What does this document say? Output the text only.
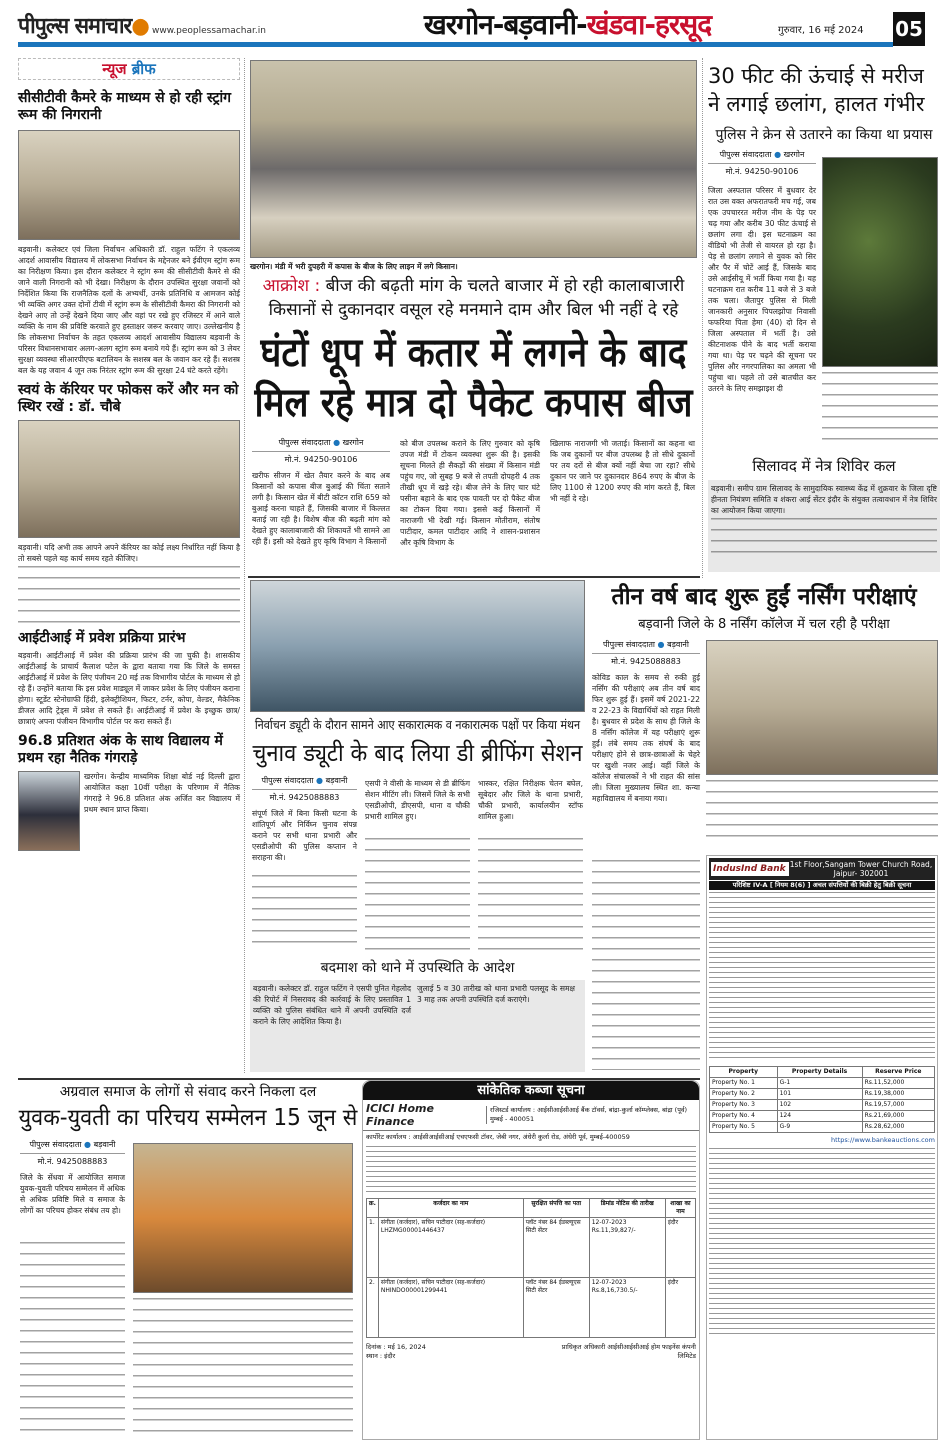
पीपुल्स समाचार● www.peoplessamachar.in	खरगोन-बड़वानी-खंडवा-हरसूद	गुरुवार, 16 मई 2024 05
न्यूज ब्रीफ
सीसीटीवी कैमरे के माध्यम से हो रही स्ट्रांग रूम की निगरानी
बड़वानी। कलेक्टर एवं जिला निर्वाचन अधिकारी डॉ. राहुल फटिंग ने एकलव्य आदर्श आवासीय विद्यालय में लोकसभा निर्वाचन के मद्देनजर बने ईवीएम स्ट्रांग रूम का निरीक्षण किया। इस दौरान कलेक्टर ने स्ट्रांग रूम की सीसीटीवी कैमरे से की जाने वाली निगरानी को भी देखा। निरीक्षण के दौरान उपस्थित सुरक्षा जवानों को निर्देशित किया कि राजनैतिक दलों के अभ्यर्थी, उनके प्रतिनिधि व आमजन कोई भी व्यक्ति अगर उक्त दोनों टीवी में स्ट्रांग रूम के सीसीटीवी कैमरा की निगरानी को देखने आए तो उन्हें देखने दिया जाए और वहां पर रखे हुए रजिस्टर में आने वाले व्यक्ति के नाम की प्रविष्टि करवाते हुए हस्ताक्षर जरूर करवाए जाए। उल्लेखनीय है कि लोकसभा निर्वाचन के तहत एकलव्य आदर्श आवासीय विद्यालय बड़वानी के परिसर विधानसभावार अलग-अलग स्ट्रांग रूम बनाये गये हैं। स्ट्रांग रूम को 3 लेयर सुरक्षा व्यवस्था सीआरपीएफ बटालियन के सशस्त्र बल के जवान कर रहे हैं। सशस्त्र बल के यह जवान 4 जून तक निरंतर स्ट्रांग रूम की सुरक्षा 24 घंटे करते रहेंगे।
स्वयं के कॅरियर पर फोकस करें और मन को स्थिर रखें : डॉ. चौबे
बड़वानी। यदि अभी तक आपने अपने कॅरियर का कोई लक्ष्य निर्धारित नहीं किया है तो सबसे पहले यह कार्य समय रहते कीजिए।
आईटीआई में प्रवेश प्रक्रिया प्रारंभ
बड़वानी। आईटीआई में प्रवेश की प्रक्रिया प्रारंभ की जा चुकी है। शासकीय आईटीआई के प्राचार्य कैलाश पटेल के द्वारा बताया गया कि जिले के समस्त आईटीआई में प्रवेश के लिए पंजीयन 20 मई तक विभागीय पोर्टल के माध्यम से हो रहे हैं। उन्होंने बताया कि इस प्रवेश माड्यूल में जाकर प्रवेश के लिए पंजीयन कराना होगा। स्टूडेंट स्टेनोग्राफी हिंदी, इलेक्ट्रीशियन, फिटर, टर्नर, कोपा, वेल्डर, मैकेनिक डीजल आदि ट्रेड्स में प्रवेश ले सकते हैं। आईटीआई में प्रवेश के इच्छुक छात्र/छात्राएं अपना पंजीयन विभागीय पोर्टल पर करा सकते हैं।
96.8 प्रतिशत अंक के साथ विद्यालय में प्रथम रहा नैतिक गंगराड़े
खरगोन। केन्द्रीय माध्यमिक शिक्षा बोर्ड नई दिल्ली द्वारा आयोजित कक्षा 10वीं परीक्षा के परिणाम में नैतिक गंगराड़े ने 96.8 प्रतिशत अंक अर्जित कर विद्यालय में प्रथम स्थान प्राप्त किया।
खरगोन। मंडी में भरी दुपहरी में कपास के बीज के लिए लाइन में लगे किसान।
आक्रोश : बीज की बढ़ती मांग के चलते बाजार में हो रही कालाबाजारी
किसानों से दुकानदार वसूल रहे मनमाने दाम और बिल भी नहीं दे रहे
घंटों धूप में कतार में लगने के बाद मिल रहे मात्र दो पैकेट कपास बीज
पीपुल्स संवाददाता ● खरगोन
मो.नं. 94250-90106
खरीफ सीजन में खेत तैयार करने के बाद अब किसानों को कपास बीज बुआई की चिंता सताने लगी है। किसान खेत में बीटी कॉटन राशि 659 को बुआई करना चाहते हैं, जिसकी बाजार में किल्लत बताई जा रही है। विशेष बीज की बढ़ती मांग को देखते हुए कालाबाजारी की शिकायतें भी सामने आ रही हैं। इसी को देखते हुए कृषि विभाग ने किसानों
को बीज उपलब्ध कराने के लिए गुरुवार को कृषि उपज मंडी में टोकन व्यवस्था शुरू की है। इसकी सूचना मिलते ही सैकड़ों की संख्या में किसान मंडी पहुंच गए, जो सुबह 9 बजे से तपती दोपहरी 4 तक तीखी धूप में खड़े रहे। बीज लेने के लिए चार घंटे पसीना बहाने के बाद एक पावती पर दो पैकेट बीज का टोकन दिया गया। इससे कई किसानों में नाराजगी भी देखी गई। किसान मोतीराम, संतोष पाटीदार, कमल पाटीदार आदि ने शासन-प्रशासन और कृषि विभाग के
खिलाफ नाराजगी भी जताई। किसानों का कहना था कि जब दुकानों पर बीज उपलब्ध है तो सीधे दुकानों पर तय दरों से बीज क्यों नहीं बेचा जा रहा? सीधे दुकान पर जाने पर दुकानदार 864 रुपए के बीज के लिए 1100 से 1200 रुपए की मांग करते हैं, बिल भी नहीं दे रहे।
30 फीट की ऊंचाई से मरीज ने लगाई छलांग, हालत गंभीर
पुलिस ने क्रेन से उतारने का किया था प्रयास
पीपुल्स संवाददाता ● खरगोन
मो.नं. 94250-90106
जिला अस्पताल परिसर में बुधवार देर रात उस वक्त अफरातफरी मच गई, जब एक उपचाररत मरीज नीम के पेड़ पर चढ़ गया और करीब 30 फीट ऊंचाई से छलांग लगा दी। इस घटनाक्रम का वीडियो भी तेजी से वायरल हो रहा है। पेड़ से छलांग लगाने से युवक को सिर और पैर में चोटें आई हैं, जिसके बाद उसे आईसीयू में भर्ती किया गया है। यह घटनाक्रम रात करीब 11 बजे से 3 बजे तक चला। जैतापुर पुलिस से मिली जानकारी अनुसार पिपलझोपा निवासी फफरिया पिता हेमा (40) दो दिन से जिला अस्पताल में भर्ती है। उसे कीटनाशक पीने के बाद भर्ती कराया गया था। पेड़ पर चढ़ने की सूचना पर पुलिस और नगरपालिका का अमला भी पहुंचा था। पहले तो उसे बातचीत कर उतरने के लिए समझाइश दी
सिलावद में नेत्र शिविर कल
बड़वानी। समीप ग्राम सिलावद के सामुदायिक स्वास्थ्य केंद्र में शुक्रवार के जिला दृष्टि हीनता नियंत्रण समिति व शंकरा आई सेंटर इंदौर के संयुक्त तत्वावधान में नेत्र शिविर का आयोजन किया जाएगा।
निर्वाचन ड्यूटी के दौरान सामने आए सकारात्मक व नकारात्मक पक्षों पर किया मंथन
चुनाव ड्यूटी के बाद लिया डी ब्रीफिंग सेशन
पीपुल्स संवाददाता ● बड़वानी
मो.नं. 9425088883
संपूर्ण जिले में बिना किसी घटना के शांतिपूर्ण और निर्विघ्न चुनाव संपन्न कराने पर सभी थाना प्रभारी और एसडीओपी की पुलिस कप्तान ने सराहना की।
एसपी ने वीसी के माध्यम से डी ब्रीफिंग सेशन मीटिंग ली। जिसमें जिले के सभी एसडीओपी, डीएसपी, थाना व चौकी प्रभारी शामिल हुए।
भास्कर, रक्षित निरीक्षक चेतन बघेल, सूबेदार और जिले के थाना प्रभारी, चौकी प्रभारी, कार्यालयीन स्टॉफ शामिल हुआ।
तीन वर्ष बाद शुरू हुईं नर्सिंग परीक्षाएं
बड़वानी जिले के 8 नर्सिंग कॉलेज में चल रही है परीक्षा
पीपुल्स संवाददाता ● बड़वानी
मो.नं. 9425088883
कोविड काल के समय से रुकी हुई नर्सिंग की परीक्षाएं अब तीन वर्ष बाद फिर शुरू हुई हैं। इसमें वर्ष 2021-22 व 22-23 के विद्यार्थियों को राहत मिली है। बुधवार से प्रदेश के साथ ही जिले के 8 नर्सिंग कॉलेज में यह परीक्षाएं शुरू हुईं। लंबे समय तक संघर्ष के बाद परीक्षाएं होने से छात्र-छात्राओं के चेहरे पर खुशी नजर आई। वहीं जिले के कॉलेज संचालकों ने भी राहत की सांस ली। जिला मुख्यालय स्थित शा. कन्या महाविद्यालय में बनाया गया।
बदमाश को थाने में उपस्थिति के आदेश
बड़वानी। कलेक्टर डॉ. राहुल फटिंग ने एसपी पुनित गेहलोद की रिपोर्ट में निसरावद की कार्रवाई के लिए प्रस्तावित 1 व्यक्ति को पुलिस संबंधित थाने में अपनी उपस्थिति दर्ज कराने के लिए आदेशित किया है।
जुलाई 5 व 30 तारीख को थाना प्रभारी पलसूद के समक्ष 3 माह तक अपनी उपस्थिति दर्ज कराएंगे।
IndusInd Bank 1st Floor,Sangam Tower Church Road, Jaipur- 302001
परिशिष्ट IV-A [ नियम 8(6) ] अचल संपत्तियों की बिक्री हेतु बिक्री सूचना
Property	Property Details	Reserve Price
Property No. 1	G-1	Rs.11,52,000
Property No. 2	101	Rs.19,38,000
Property No. 3	102	Rs.19,57,000
Property No. 4	124	Rs.21,69,000
Property No. 5	G-9	Rs.28,62,000
https://www.bankeauctions.com
अग्रवाल समाज के लोगों से संवाद करने निकला दल
युवक-युवती का परिचय सम्मेलन 15 जून से
पीपुल्स संवाददाता ● बड़वानी
मो.नं. 9425088883
जिले के सेंधवा में आयोजित समाज युवक-युवती परिचय सम्मेलन में अधिक से अधिक प्रविष्टि मिले व समाज के लोगों का परिचय होकर संबंध तय हो।
सांकेतिक कब्जा सूचना
ICICI Home Finance
रजिस्टर्ड कार्यालय : आईसीआईसीआई बैंक टॉवर्स, बांद्रा-कुर्ला कॉम्प्लेक्स, बांद्रा (पूर्व) मुम्बई - 400051
कार्पोरेट कार्यालय : आईसीआईसीआई एचएफसी टॉवर, जेबी नगर, अंधेरी कुर्ला रोड, अंधेरी पूर्व, मुम्बई-400059
क्र.	कर्जदार का नाम	सुरक्षित संपत्ति का पता	डिमांड नोटिस की तारीख	शाखा का नाम
1.	संगीता (कर्जदार), सचिन पाटीदार (सह-कर्जदार) LHZMG00001446437	प्लॉट नंबर 84 ईडब्ल्यूएस सिटी सेंटर	12-07-2023 Rs.11,39,827/-	इंदौर
2.	संगीता (कर्जदार), सचिन पाटीदार (सह-कर्जदार) NHINDO00001299441	प्लॉट नंबर 84 ईडब्ल्यूएस सिटी सेंटर	12-07-2023 Rs.8,16,730.5/-	इंदौर
दिनांक : मई 16, 2024
स्थान : इंदौर
प्राधिकृत अधिकारी आईसीआईसीआई होम फाइनेंस कंपनी लिमिटेड
